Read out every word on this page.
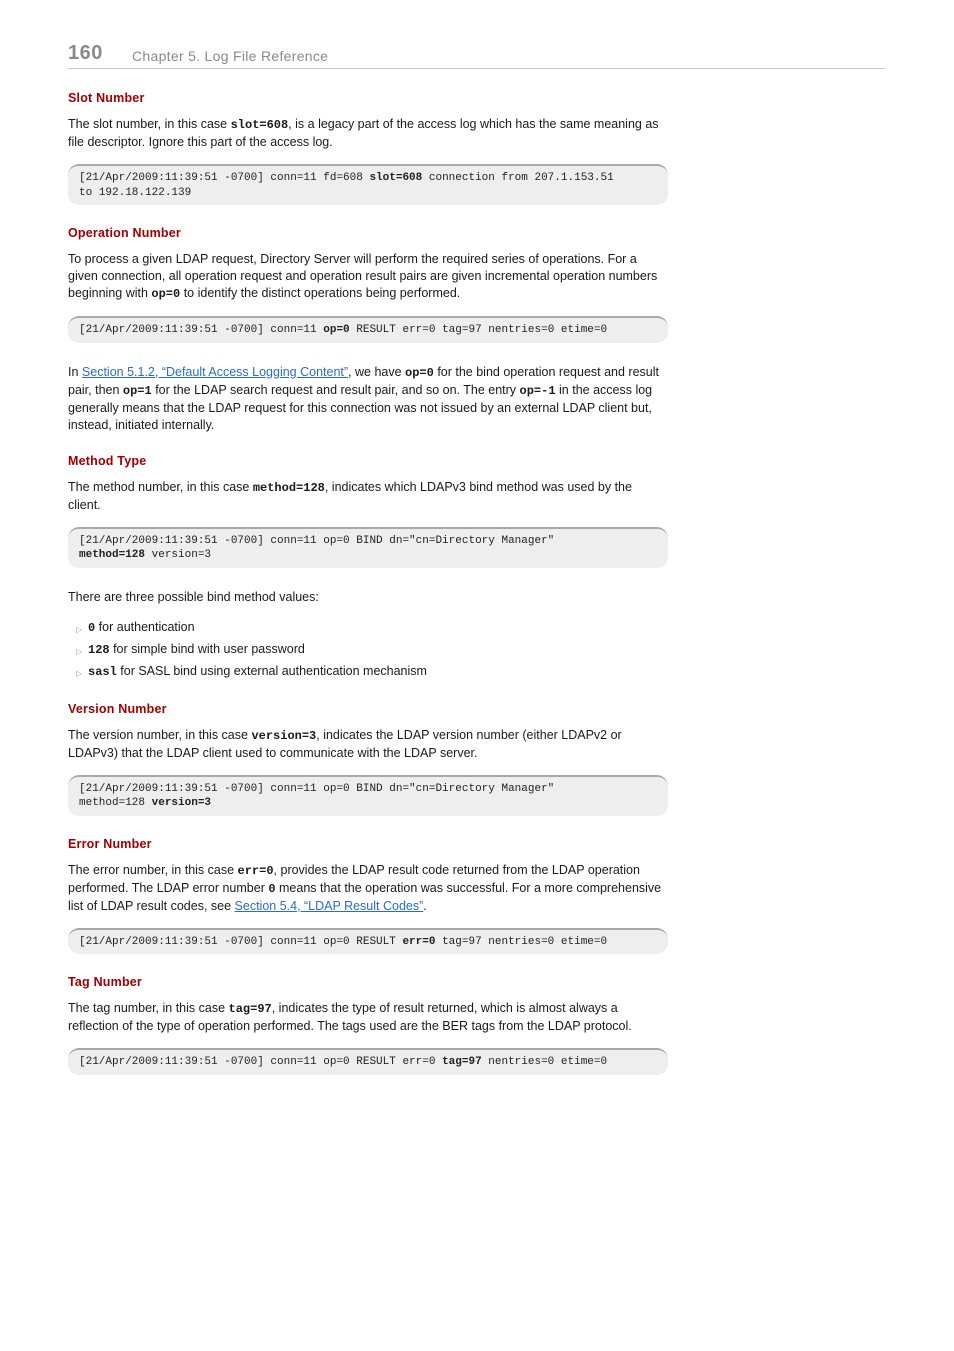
160 Chapter 5. Log File Reference
Slot Number

The slot number, in this case slot=608, is a legacy part of the access log which has the same meaning as file descriptor. Ignore this part of the access log.

[21/Apr/2009:11:39:51 -0700] conn=11 fd=608 slot=608 connection from 207.1.153.51
to 192.18.122.139
Operation Number

To process a given LDAP request, Directory Server will perform the required series of operations. For a given connection, all operation request and operation result pairs are given incremental operation numbers beginning with op=0 to identify the distinct operations being performed.

[21/Apr/2009:11:39:51 -0700] conn=11 op=0 RESULT err=0 tag=97 nentries=0 etime=0

In Section 5.1.2, “Default Access Logging Content”, we have op=0 for the bind operation request and result pair, then op=1 for the LDAP search request and result pair, and so on. The entry op=-1 in the access log generally means that the LDAP request for this connection was not issued by an external LDAP client but, instead, initiated internally.

Method Type

The method number, in this case method=128, indicates which LDAPv3 bind method was used by the client.

[21/Apr/2009:11:39:51 -0700] conn=11 op=0 BIND dn="cn=Directory Manager"
method=128 version=3

There are three possible bind method values:

▷ 0 for authentication
▷ 128 for simple bind with user password
▷ sasl for SASL bind using external authentication mechanism
Version Number

The version number, in this case version=3, indicates the LDAP version number (either LDAPv2 or LDAPv3) that the LDAP client used to communicate with the LDAP server.

[21/Apr/2009:11:39:51 -0700] conn=11 op=0 BIND dn="cn=Directory Manager"
method=128 version=3
Error Number

The error number, in this case err=0, provides the LDAP result code returned from the LDAP operation performed. The LDAP error number 0 means that the operation was successful. For a more comprehensive list of LDAP result codes, see Section 5.4, “LDAP Result Codes”.

[21/Apr/2009:11:39:51 -0700] conn=11 op=0 RESULT err=0 tag=97 nentries=0 etime=0
Tag Number

The tag number, in this case tag=97, indicates the type of result returned, which is almost always a reflection of the type of operation performed. The tags used are the BER tags from the LDAP protocol.

[21/Apr/2009:11:39:51 -0700] conn=11 op=0 RESULT err=0 tag=97 nentries=0 etime=0
